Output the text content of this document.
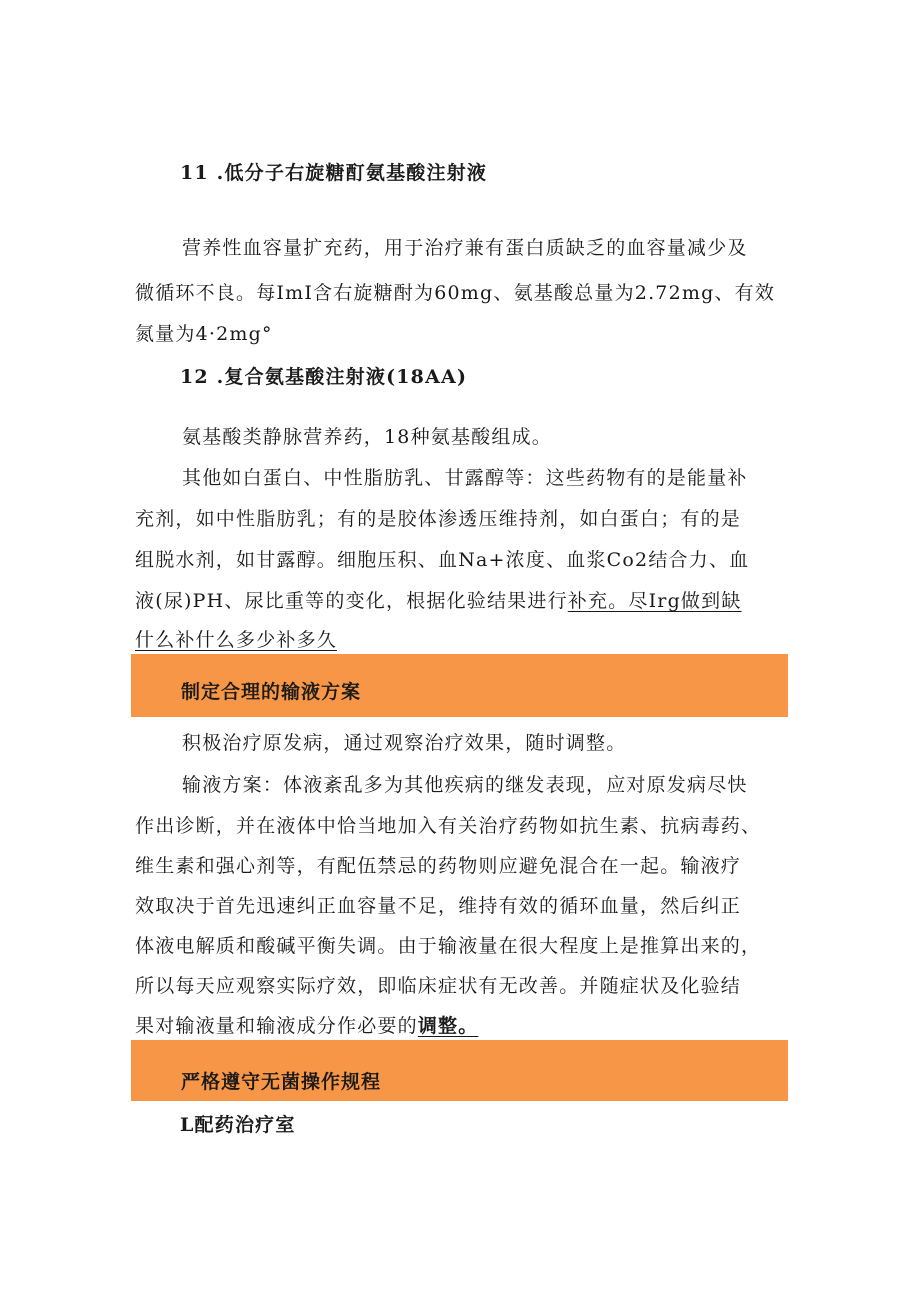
11 .低分子右旋糖酊氨基酸注射液
营养性血容量扩充药，用于治疗兼有蛋白质缺乏的血容量减少及
微循环不良。每ImI含右旋糖酎为60mg、氨基酸总量为2.72mg、有效
氮量为4·2mg°
12 .复合氨基酸注射液(18AA)
氨基酸类静脉营养药，18种氨基酸组成。
其他如白蛋白、中性脂肪乳、甘露醇等：这些药物有的是能量补
充剂，如中性脂肪乳；有的是胶体渗透压维持剂，如白蛋白；有的是
组脱水剂，如甘露醇。细胞压积、血Na+浓度、血浆Co2结合力、血
液(尿)PH、尿比重等的变化，根据化验结果进行补充。尽Irg做到缺
什么补什么多少补多久
制定合理的输液方案
积极治疗原发病，通过观察治疗效果，随时调整。
输液方案：体液紊乱多为其他疾病的继发表现，应对原发病尽快
作出诊断，并在液体中恰当地加入有关治疗药物如抗生素、抗病毒药、
维生素和强心剂等，有配伍禁忌的药物则应避免混合在一起。输液疗
效取决于首先迅速纠正血容量不足，维持有效的循环血量，然后纠正
体液电解质和酸碱平衡失调。由于输液量在很大程度上是推算出来的，
所以每天应观察实际疗效，即临床症状有无改善。并随症状及化验结
果对输液量和输液成分作必要的调整。
严格遵守无菌操作规程
L配药治疗室
